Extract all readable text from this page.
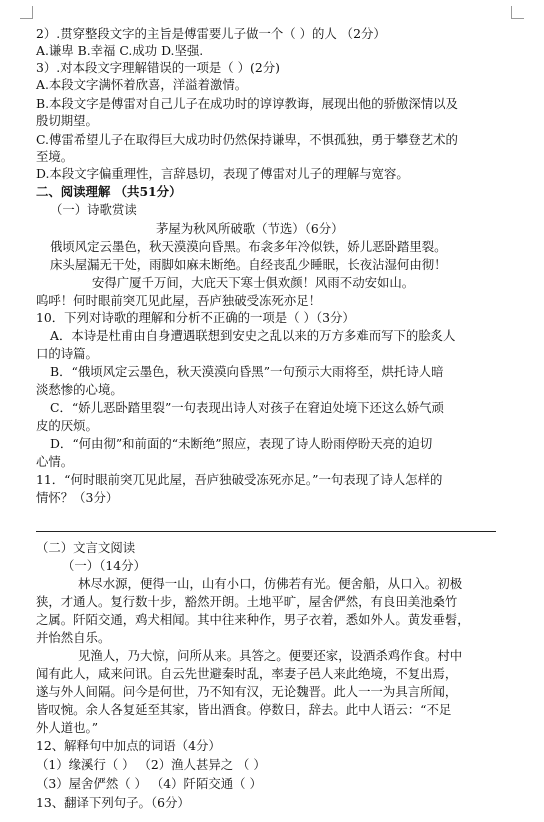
2）.贯穿整段文字的主旨是傅雷要儿子做一个（ ）的人 （2分）
A.谦卑 B.幸福 C.成功 D.坚强.
3）.对本段文字理解错误的一项是（ ）(2分)
A.本段文字满怀着欣喜，洋溢着激情。
B.本段文字是傅雷对自己儿子在成功时的谆谆教诲，展现出他的骄傲深情以及
殷切期望。
C.傅雷希望儿子在取得巨大成功时仍然保持谦卑，不惧孤独，勇于攀登艺术的
至境。
D.本段文字偏重理性，言辞恳切，表现了傅雷对儿子的理解与宽容。
二、阅读理解 （共51分）
（一）诗歌赏读
茅屋为秋风所破歌（节选）（6分）
俄顷风定云墨色，秋天漠漠向昏黑。布衾多年冷似铁，娇儿恶卧踏里裂。
床头屋漏无干处，雨脚如麻未断绝。自经丧乱少睡眠，长夜沾湿何由彻！
安得广厦千万间，大庇天下寒士俱欢颜！风雨不动安如山。
呜呼！何时眼前突兀见此屋，吾庐独破受冻死亦足！
10．下列对诗歌的理解和分析不正确的一项是（ ）（3分）
A．本诗是杜甫由自身遭遇联想到安史之乱以来的万方多难而写下的脍炙人
口的诗篇。
B．“俄顷风定云墨色，秋天漠漠向昏黑”一句预示大雨将至，烘托诗人暗
淡愁惨的心境。
C．“娇儿恶卧踏里裂”一句表现出诗人对孩子在窘迫处境下还这么娇气顽
皮的厌烦。
D．“何由彻”和前面的“未断绝”照应，表现了诗人盼雨停盼天亮的迫切
心情。
11．“何时眼前突兀见此屋，吾庐独破受冻死亦足。”一句表现了诗人怎样的
情怀？（3分）
（二）文言文阅读
（一）（14分）
林尽水源，便得一山，山有小口，仿佛若有光。便舍船，从口入。初极
狭，才通人。复行数十步，豁然开朗。土地平旷，屋舍俨然，有良田美池桑竹
之属。阡陌交通，鸡犬相闻。其中往来种作，男子衣着，悉如外人。黄发垂髫，
并怡然自乐。
见渔人，乃大惊，问所从来。具答之。便要还家，设酒杀鸡作食。村中
闻有此人，咸来问讯。自云先世避秦时乱，率妻子邑人来此绝境，不复出焉，
遂与外人间隔。问今是何世，乃不知有汉，无论魏晋。此人一一为具言所闻，
皆叹惋。余人各复延至其家，皆出酒食。停数日，辞去。此中人语云：“不足
外人道也。”
12、解释句中加点的词语（4分）
（1）缘溪行（ ） （2）渔人甚异之 （ ）
（3）屋舍俨然（ ） （4）阡陌交通（ ）
13、翻译下列句子。（6分）
